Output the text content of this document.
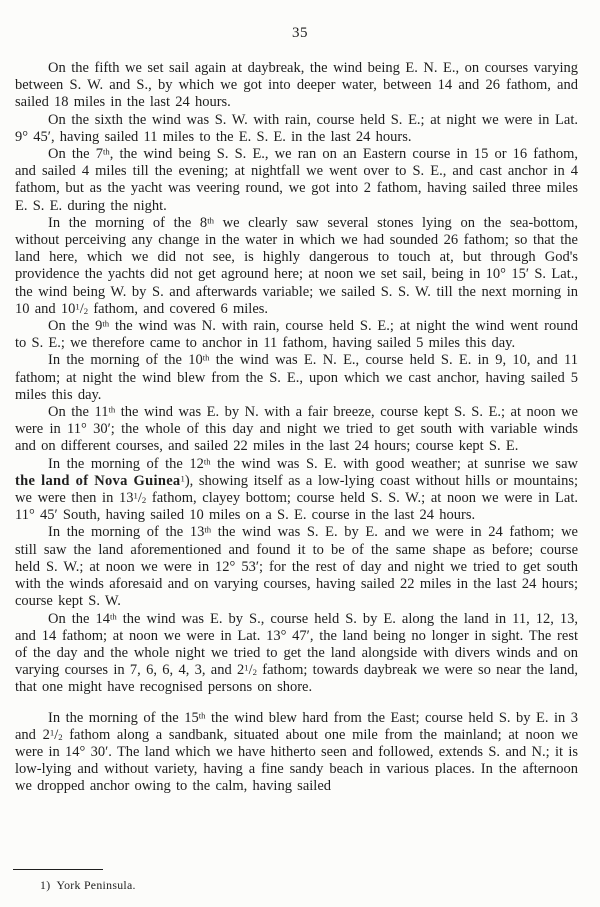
35

On the fifth we set sail again at daybreak, the wind being E. N. E., on courses varying between S. W. and S., by which we got into deeper water, between 14 and 26 fathom, and sailed 18 miles in the last 24 hours.

On the sixth the wind was S. W. with rain, course held S. E.; at night we were in Lat. 9° 45′, having sailed 11 miles to the E. S. E. in the last 24 hours.

On the 7th, the wind being S. S. E., we ran on an Eastern course in 15 or 16 fathom, and sailed 4 miles till the evening; at nightfall we went over to S. E., and cast anchor in 4 fathom, but as the yacht was veering round, we got into 2 fathom, having sailed three miles E. S. E. during the night.

In the morning of the 8th we clearly saw several stones lying on the sea-bottom, without perceiving any change in the water in which we had sounded 26 fathom; so that the land here, which we did not see, is highly dangerous to touch at, but through God's providence the yachts did not get aground here; at noon we set sail, being in 10° 15′ S. Lat., the wind being W. by S. and afterwards variable; we sailed S. S. W. till the next morning in 10 and $10^1/_2$ fathom, and covered 6 miles.

On the 9th the wind was N. with rain, course held S. E.; at night the wind went round to S. E.; we therefore came to anchor in 11 fathom, having sailed 5 miles this day.

In the morning of the 10th the wind was E. N. E., course held S. E. in 9, 10, and 11 fathom; at night the wind blew from the S. E., upon which we cast anchor, having sailed 5 miles this day.

On the 11th the wind was E. by N. with a fair breeze, course kept S. S. E.; at noon we were in 11° 30′; the whole of this day and night we tried to get south with variable winds and on different courses, and sailed 22 miles in the last 24 hours; course kept S. E.

In the morning of the 12th the wind was S. E. with good weather; at sunrise we saw the land of Nova Guinea$^1$), showing itself as a low-lying coast without hills or mountains; we were then in $13^1/_2$ fathom, clayey bottom; course held S. S. W.; at noon we were in Lat. 11° 45′ South, having sailed 10 miles on a S. E. course in the last 24 hours.

In the morning of the 13th the wind was S. E. by E. and we were in 24 fathom; we still saw the land aforementioned and found it to be of the same shape as before; course held S. W.; at noon we were in 12° 53′; for the rest of day and night we tried to get south with the winds aforesaid and on varying courses, having sailed 22 miles in the last 24 hours; course kept S. W.

On the 14th the wind was E. by S., course held S. by E. along the land in 11, 12, 13, and 14 fathom; at noon we were in Lat. 13° 47′, the land being no longer in sight. The rest of the day and the whole night we tried to get the land alongside with divers winds and on varying courses in 7, 6, 6, 4, 3, and $2^1/_2$ fathom; towards daybreak we were so near the land, that one might have recognised persons on shore.

In the morning of the 15th the wind blew hard from the East; course held S. by E. in 3 and $2^1/_2$ fathom along a sandbank, situated about one mile from the mainland; at noon we were in 14° 30′. The land which we have hitherto seen and followed, extends S. and N.; it is low-lying and without variety, having a fine sandy beach in various places. In the afternoon we dropped anchor owing to the calm, having sailed

1) York Peninsula.
